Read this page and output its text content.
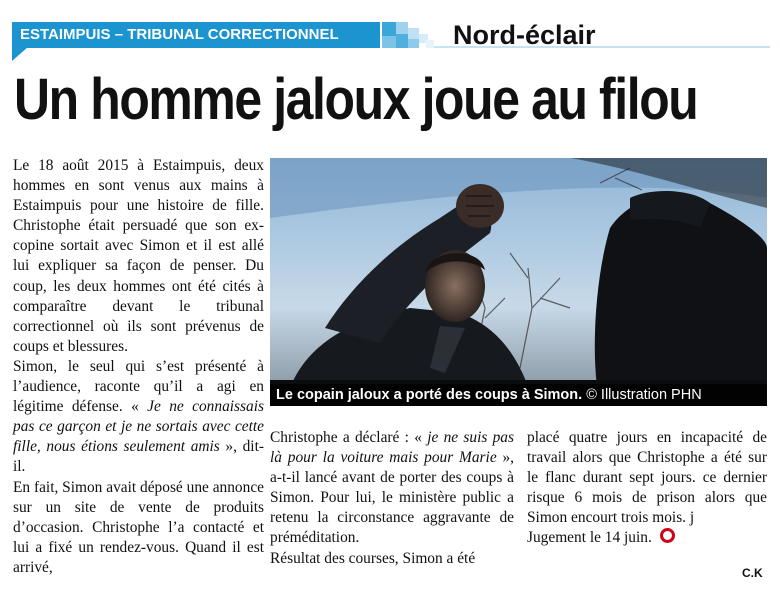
ESTAIMPUIS – TRIBUNAL CORRECTIONNEL	Nord-éclair
Un homme jaloux joue au filou

Le 18 août 2015 à Estaimpuis, deux hommes en sont venus aux mains à Estaimpuis pour une histoire de fille. Christophe était persuadé que son ex-copine sortait avec Simon et il est allé lui expliquer sa façon de penser. Du coup, les deux hommes ont été cités à comparaître devant le tribunal correctionnel où ils sont prévenus de coups et blessures.

Simon, le seul qui s’est présenté à l’audience, raconte qu’il a agi en légitime défense. « Je ne connaissais pas ce garçon et je ne sortais avec cette fille, nous étions seulement amis », dit-il.

En fait, Simon avait déposé une annonce sur un site de vente de produits d’occasion. Christophe l’a contacté et lui a fixé un rendez-vous. Quand il est arrivé,

Le copain jaloux a porté des coups à Simon. © Illustration PHN

Christophe a déclaré : « je ne suis pas là pour la voiture mais pour Marie », a-t-il lancé avant de porter des coups à Simon. Pour lui, le ministère public a retenu la circonstance aggravante de préméditation.

Résultat des courses, Simon a été

placé quatre jours en incapacité de travail alors que Christophe a été sur le flanc durant sept jours. ce dernier risque 6 mois de prison alors que Simon encourt trois mois. j

Jugement le 14 juin.

C.K
